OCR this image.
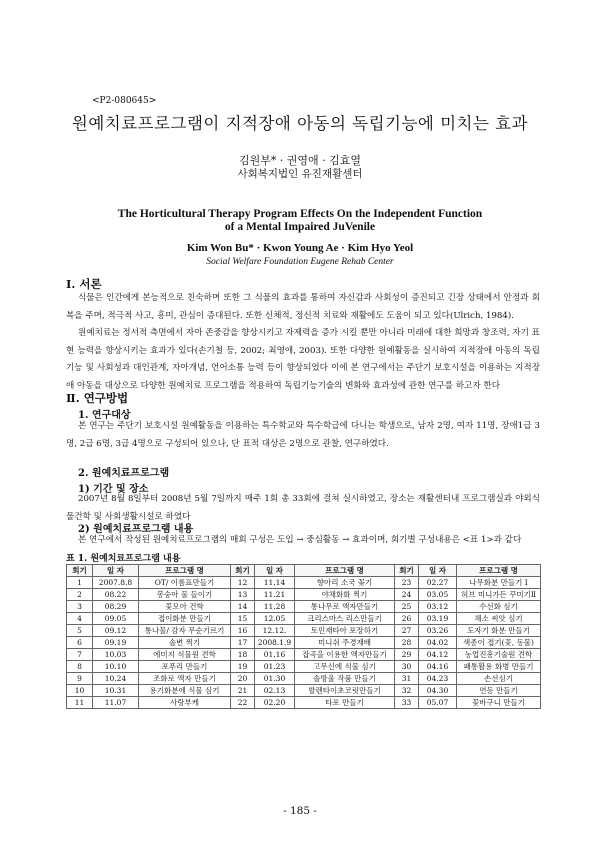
<P2-080645>
원예치료프로그램이 지적장애 아동의 독립기능에 미치는 효과
김원부* · 권영애 · 김효열
사회복지법인 유진재활센터
The Horticultural Therapy Program Effects On the Independent Function
of a Mental Impaired JuVenile
Kim Won Bu* · Kwon Young Ae · Kim Hyo Yeol
Social Welfare Foundation Eugene Rehab Center
Ⅰ. 서론

식물은 인간에게 본능적으로 친숙하며 또한 그 식물의 효과를 통하여 자신감과 사회성이 증진되고 긴장 상태에서 안정과 회복을 주며, 적극적 사고, 흥미, 관심이 증대된다. 또한 신체적, 정신적 치료와 재활에도 도움이 되고 있다(Ulrich, 1984).

원예치료는 정서적 측면에서 자아 존중감을 향상시키고 자제력을 증가 시킬 뿐만 아니라 미래에 대한 희망과 창조력, 자기 표현 능력을 향상시키는 효과가 있다(손기철 등, 2002; 최영애, 2003). 또한 다양한 원예활동을 실시하여 지적장애 아동의 독립기능 및 사회성과 대인관계, 자아개념, 언어소통 능력 등이 향상되었다 이에 본 연구에서는 주단기 보호시설을 이용하는 지적장애 아동을 대상으로 다양한 원예치료 프로그램을 적용하여 독립기능기술의 변화와 효과성에 관한 연구를 하고자 한다

Ⅱ. 연구방법
1. 연구대상

본 연구는 주단기 보호시설 원예활동을 이용하는 특수학교와 특수학급에 다니는 학생으로, 남자 2명, 여자 11명, 장애1급 3명, 2급 6명, 3급 4명으로 구성되어 있으나, 단 표적 대상은 2명으로 관찰, 연구하였다.

2. 원예치료프로그램
1) 기간 및 장소

2007년 8월 8일부터 2008년 5월 7일까지 매주 1회 총 33회에 걸쳐 실시하였고, 장소는 재활센터내 프로그램실과 야외식물건학 및 사회생활시설로 하였다

2) 원예치료프로그램 내용

본 연구에서 작성된 원예치료프로그램의 매회 구성은 도입 → 중심활동 → 효과이며, 회기별 구성내용은 <표 1>과 같다

표 1. 원예치료프로그램 내용
회기	일 자	프로그램 명	회기	일 자	프로그램 명	회기	일 자	프로그램 명
1	2007.8.8	OT/ 이름표만들기	12	11.14	향아리 소국 꽂기	23	02.27	나무화분 만들기 Ⅰ
2	08.22	봉숭아 물 들이기	13	11.21	야채화화 찍기	24	03.05	허브 미니가든 꾸미기Ⅱ
3	08.29	꽃모아 건학	14	11.28	통나무로 액자만들기	25	03.12	수선화 심기
4	09.05	접이화분 만들기	15	12.05	크리스마스 리스만들기	26	03.19	채소 씨앗 심기
5	09.12	통나물/ 감자 무순기르기	16	12.12.	토민재타아 포장하기	27	03.26	도자기 화분 만들기
6	09.19	솔변 찍기	17	2008.1.9	미니쉬 주경재배	28	04.02	색종이 접기(꽃, 동물)
7	10.03	에미지 식물원 견학	18	01.16	잡곡을 이용한 액자만들기	29	04.12	농업진흥기술원 견학
8	10.10	포푸리 만들기	19	01.23	고무신에 식물 심기	30	04.16	패통활용 화병 만들기
9	10.24	조화로 액자 만들기	20	01.30	솔방울 작품 만들기	31	04.23	손선심기
10	10.31	용기화분에 식물 심기	21	02.13	발렌타이초코릿만들기	32	04.30	연등 만들기
11	11.07	사랑부케	22	02.20	타포 만들기	33	05.07	꽃바구니 만들기
- 185 -
